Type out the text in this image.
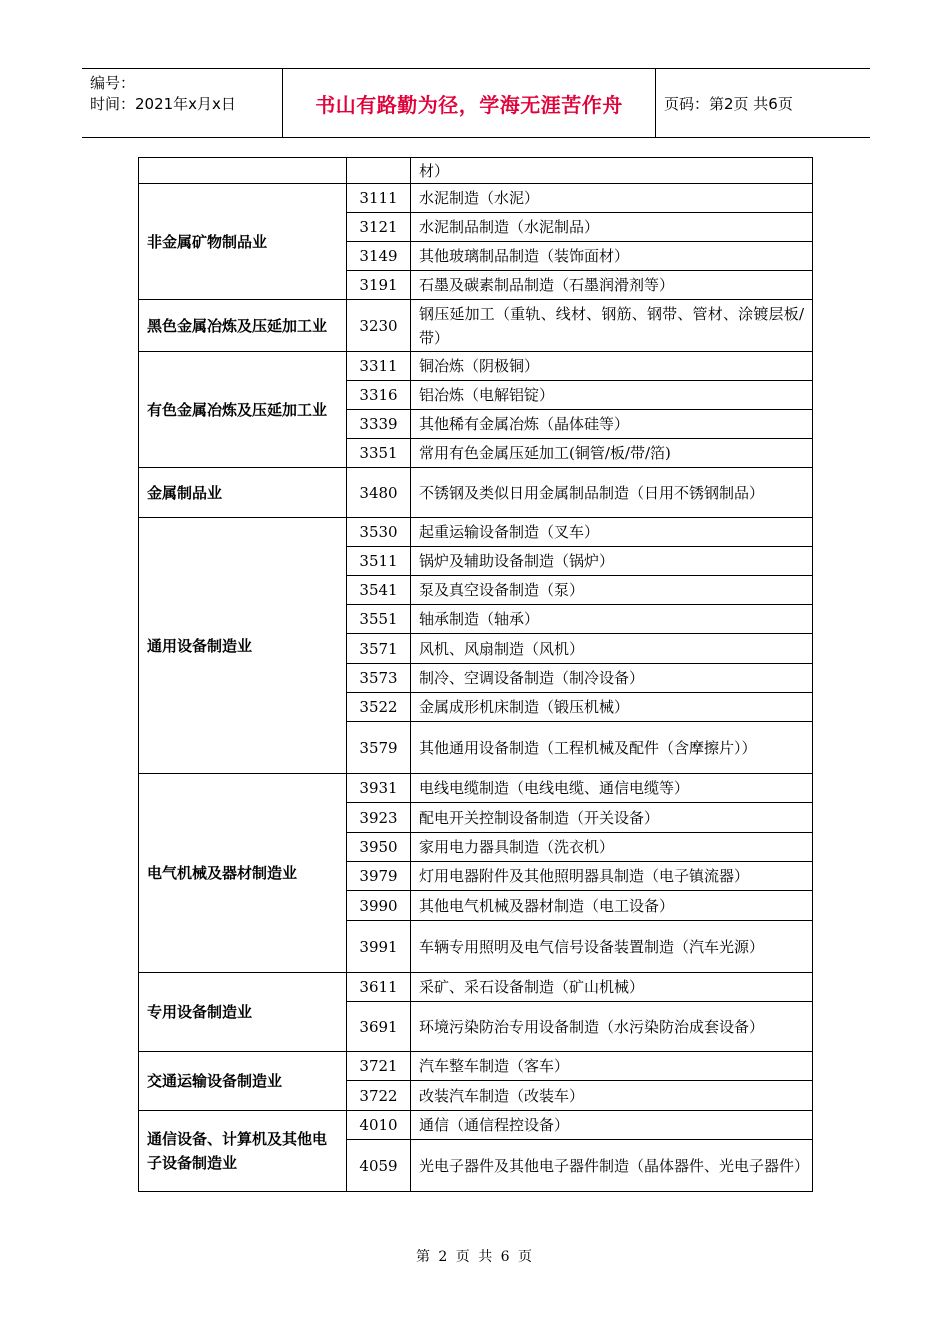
编号：
时间：2021年x月x日	书山有路勤为径，学海无涯苦作舟	页码：第2页 共6页
		材）
非金属矿物制品业	3111	水泥制造（水泥）
	3121	水泥制品制造（水泥制品）
	3149	其他玻璃制品制造（装饰面材）
	3191	石墨及碳素制品制造（石墨润滑剂等）
黑色金属冶炼及压延加工业	3230	钢压延加工（重轨、线材、钢筋、钢带、管材、涂镀层板/带）
有色金属冶炼及压延加工业	3311	铜冶炼（阴极铜）
	3316	铝冶炼（电解铝锭）
	3339	其他稀有金属冶炼（晶体硅等）
	3351	常用有色金属压延加工(铜管/板/带/箔)
金属制品业	3480	不锈钢及类似日用金属制品制造（日用不锈钢制品）
通用设备制造业	3530	起重运输设备制造（叉车）
	3511	锅炉及辅助设备制造（锅炉）
	3541	泵及真空设备制造（泵）
	3551	轴承制造（轴承）
	3571	风机、风扇制造（风机）
	3573	制冷、空调设备制造（制冷设备）
	3522	金属成形机床制造（锻压机械）
	3579	其他通用设备制造（工程机械及配件（含摩擦片））
电气机械及器材制造业	3931	电线电缆制造（电线电缆、通信电缆等）
	3923	配电开关控制设备制造（开关设备）
	3950	家用电力器具制造（洗衣机）
	3979	灯用电器附件及其他照明器具制造（电子镇流器）
	3990	其他电气机械及器材制造（电工设备）
	3991	车辆专用照明及电气信号设备装置制造（汽车光源）
专用设备制造业	3611	采矿、采石设备制造（矿山机械）
	3691	环境污染防治专用设备制造（水污染防治成套设备）
交通运输设备制造业	3721	汽车整车制造（客车）
	3722	改装汽车制造（改装车）
通信设备、计算机及其他电子设备制造业	4010	通信（通信程控设备）
	4059	光电子器件及其他电子器件制造（晶体器件、光电子器件）
第 2 页 共 6 页
